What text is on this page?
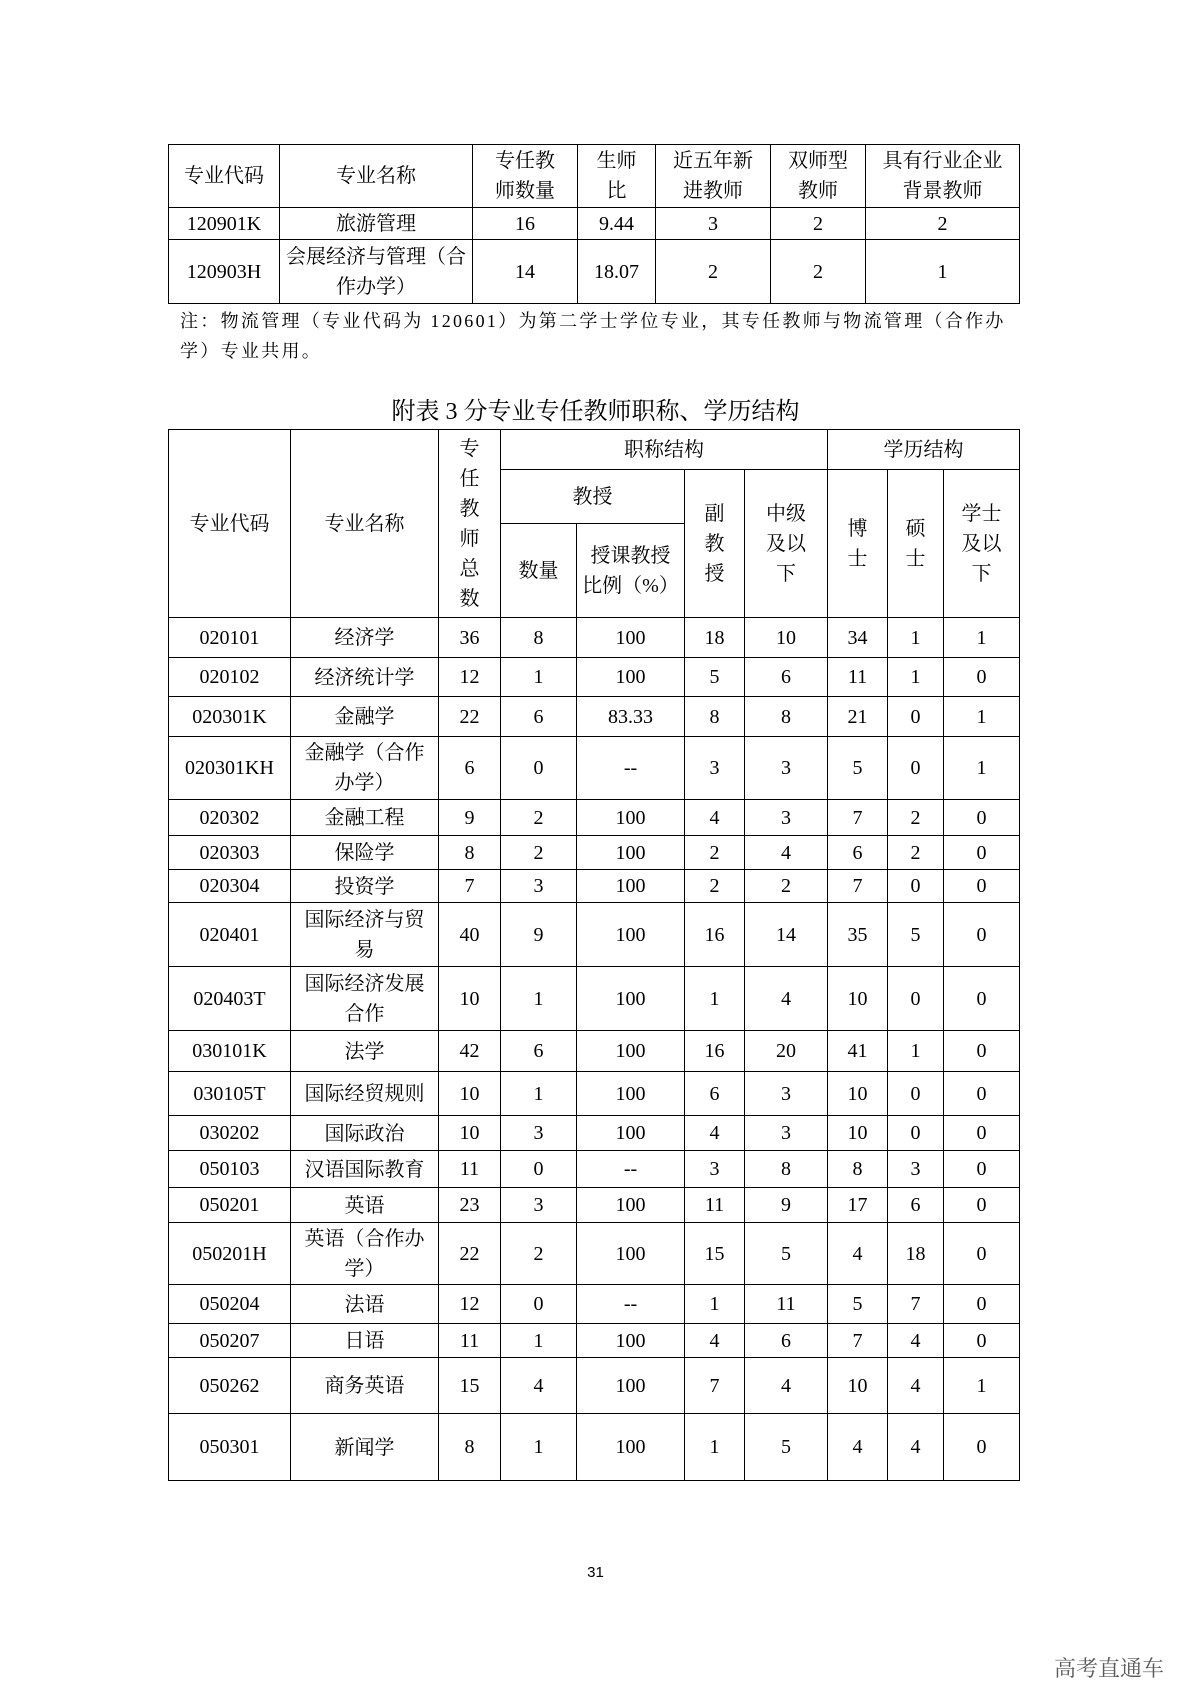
专业代码	专业名称	专任教师数量	生师比	近五年新进教师	双师型教师	具有行业企业背景教师
120901K	旅游管理	16	9.44	3	2	2
120903H	会展经济与管理（合作办学）	14	18.07	2	2	1
注：物流管理（专业代码为 120601）为第二学士学位专业，其专任教师与物流管理（合作办学）专业共用。
附表 3 分专业专任教师职称、学历结构
专业代码	专业名称	专任教师总数	职称结构				学历结构		
			教授		副教授	中级及以下	博士	硕士	学士及以下
			数量	授课教授
比例（%）					
020101	经济学	36	8	100	18	10	34	1	1
020102	经济统计学	12	1	100	5	6	11	1	0
020301K	金融学	22	6	83.33	8	8	21	0	1
020301KH	金融学（合作办学）	6	0	--	3	3	5	0	1
020302	金融工程	9	2	100	4	3	7	2	0
020303	保险学	8	2	100	2	4	6	2	0
020304	投资学	7	3	100	2	2	7	0	0
020401	国际经济与贸易	40	9	100	16	14	35	5	0
020403T	国际经济发展合作	10	1	100	1	4	10	0	0
030101K	法学	42	6	100	16	20	41	1	0
030105T	国际经贸规则	10	1	100	6	3	10	0	0
030202	国际政治	10	3	100	4	3	10	0	0
050103	汉语国际教育	11	0	--	3	8	8	3	0
050201	英语	23	3	100	11	9	17	6	0
050201H	英语（合作办学）	22	2	100	15	5	4	18	0
050204	法语	12	0	--	1	11	5	7	0
050207	日语	11	1	100	4	6	7	4	0
050262	商务英语	15	4	100	7	4	10	4	1
050301	新闻学	8	1	100	1	5	4	4	0
31
高考直通车
